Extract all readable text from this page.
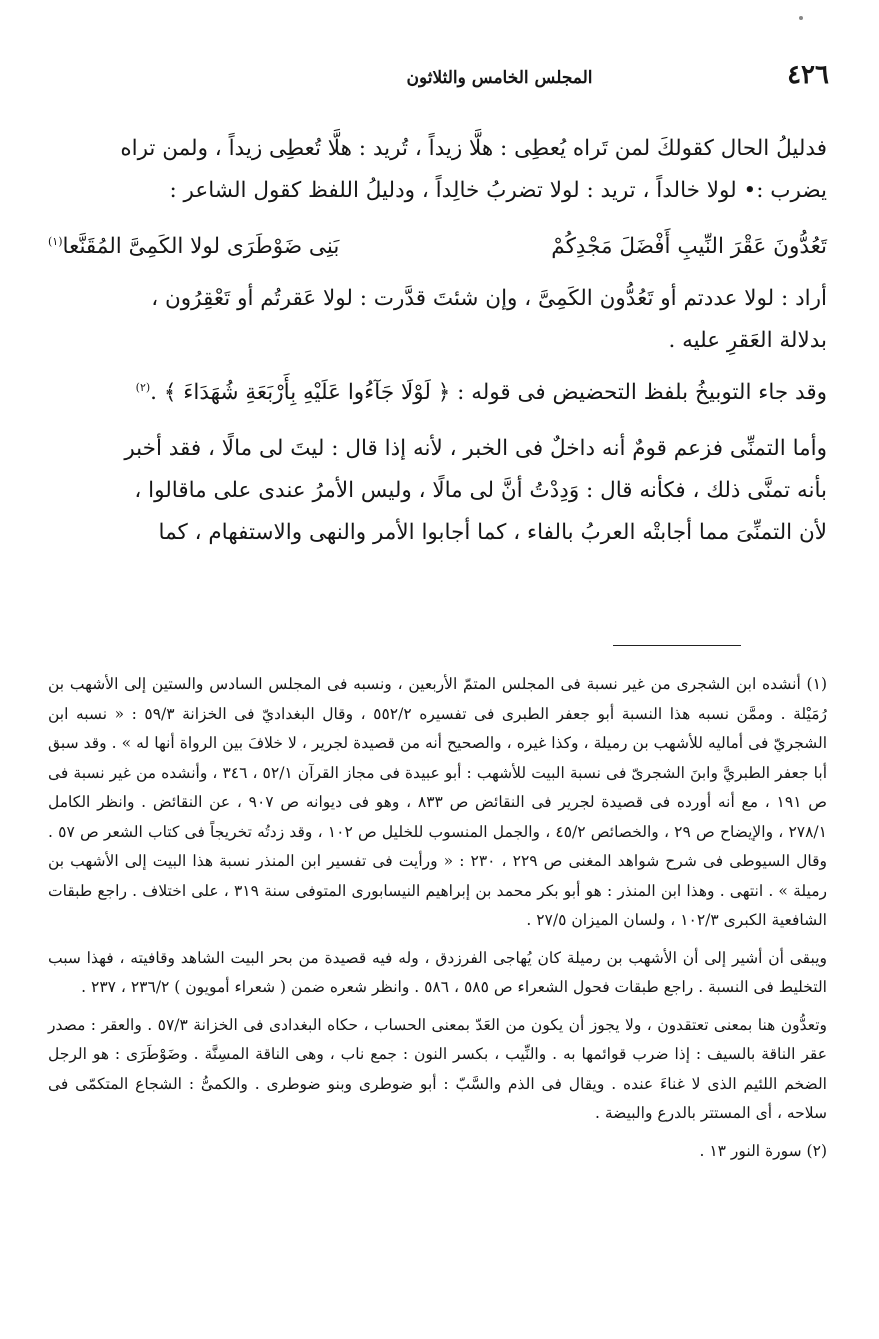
٤٢٦
المجلس الخامس والثلاثون

فدليلُ الحال كقولكَ لمن تَراه يُعطِى : هلَّا زيداً ، تُريد : هلَّا تُعطِى زيداً ، ولمن تراه

يضرب :• لولا خالداً ، تريد : لولا تضربُ خالِداً ، ودليلُ اللفظ كقول الشاعر :

تَعُدُّونَ عَقْرَ النِّيبِ أَفْضَلَ مَجْدِكُمْ
بَنِى ضَوْطَرَى لولا الكَمِىَّ المُقَنَّعا$^{(١)}$

أراد : لولا عددتم أو تَعُدُّون الكَمِىَّ ، وإن شئتَ قدَّرت : لولا عَقرتُم أو تَعْقِرُون ،

بدلالة العَقرِ عليه .

وقد جاء التوبيخُ بلفظ التحضيض فى قوله : ﴿ لَوْلَا جَآءُوا عَلَيْهِ بِأَرْبَعَةِ شُهَدَاءَ ﴾ .$^{(٢)}$

وأما التمنِّى فزعم قومٌ أنه داخلٌ فى الخبر ، لأنه إذا قال : ليتَ لى مالًا ، فقد أخبر

بأنه تمنَّى ذلك ، فكأنه قال : وَدِدْتُ أنَّ لى مالًا ، وليس الأمرُ عندى على ماقالوا ،

لأن التمنِّىَ مما أجابتْه العربُ بالفاء ، كما أجابوا الأمر والنهى والاستفهام ، كما

(١) أنشده ابن الشجرى من غير نسبة فى المجلس المتمّ الأربعين ، ونسبه فى المجلس السادس والستين إلى الأشهب بن رُمَيْلة . وممَّن نسبه هذا النسبة أبو جعفر الطبرى فى تفسيره ٥٥٢/٢ ، وقال البغداديّ فى الخزانة ٥٩/٣ : « نسبه ابن الشجريّ فى أماليه للأشهب بن رميلة ، وكذا غيره ، والصحيح أنه من قصيدة لجرير ، لا خلافَ بين الرواة أنها له » . وقد سبق أبا جعفر الطبريَّ وابنَ الشجرىّ فى نسبة البيت للأشهب : أبو عبيدة فى مجاز القرآن ٥٢/١ ، ٣٤٦ ، وأنشده من غير نسبة فى ص ١٩١ ، مع أنه أورده فى قصيدة لجرير فى النقائض ص ٨٣٣ ، وهو فى ديوانه ص ٩٠٧ ، عن النقائض . وانظر الكامل ٢٧٨/١ ، والإيضاح ص ٢٩ ، والخصائص ٤٥/٢ ، والجمل المنسوب للخليل ص ١٠٢ ، وقد زدتُه تخريجاً فى كتاب الشعر ص ٥٧ . وقال السيوطى فى شرح شواهد المغنى ص ٢٢٩ ، ٢٣٠ : « ورأيت فى تفسير ابن المنذر نسبة هذا البيت إلى الأشهب بن رميلة » . انتهى . وهذا ابن المنذر : هو أبو بكر محمد بن إبراهيم النيسابورى المتوفى سنة ٣١٩ ، على اختلاف . راجع طبقات الشافعية الكبرى ١٠٢/٣ ، ولسان الميزان ٢٧/٥ .

ويبقى أن أشير إلى أن الأشهب بن رميلة كان يُهاجى الفرزدق ، وله فيه قصيدة من بحر البيت الشاهد وقافيته ، فهذا سبب التخليط فى النسبة . راجع طبقات فحول الشعراء ص ٥٨٥ ، ٥٨٦ . وانظر شعره ضمن ( شعراء أمويون ) ٢٣٦/٢ ، ٢٣٧ .

وتعدُّون هنا بمعنى تعتقدون ، ولا يجوز أن يكون من العَدّ بمعنى الحساب ، حكاه البغدادى فى الخزانة ٥٧/٣ . والعقر : مصدر عقر الناقة بالسيف : إذا ضرب قوائمها به . والنِّيب ، بكسر النون : جمع ناب ، وهى الناقة المسِنَّة . وضَوْطَرَى : هو الرجل الضخم اللئيم الذى لا غناءَ عنده . ويقال فى الذم والسَّبّ : أبو ضوطرى وبنو ضوطرى . والكمىُّ : الشجاع المتكمّى فى سلاحه ، أى المستتر بالدرع والبيضة .

(٢) سورة النور ١٣ .
